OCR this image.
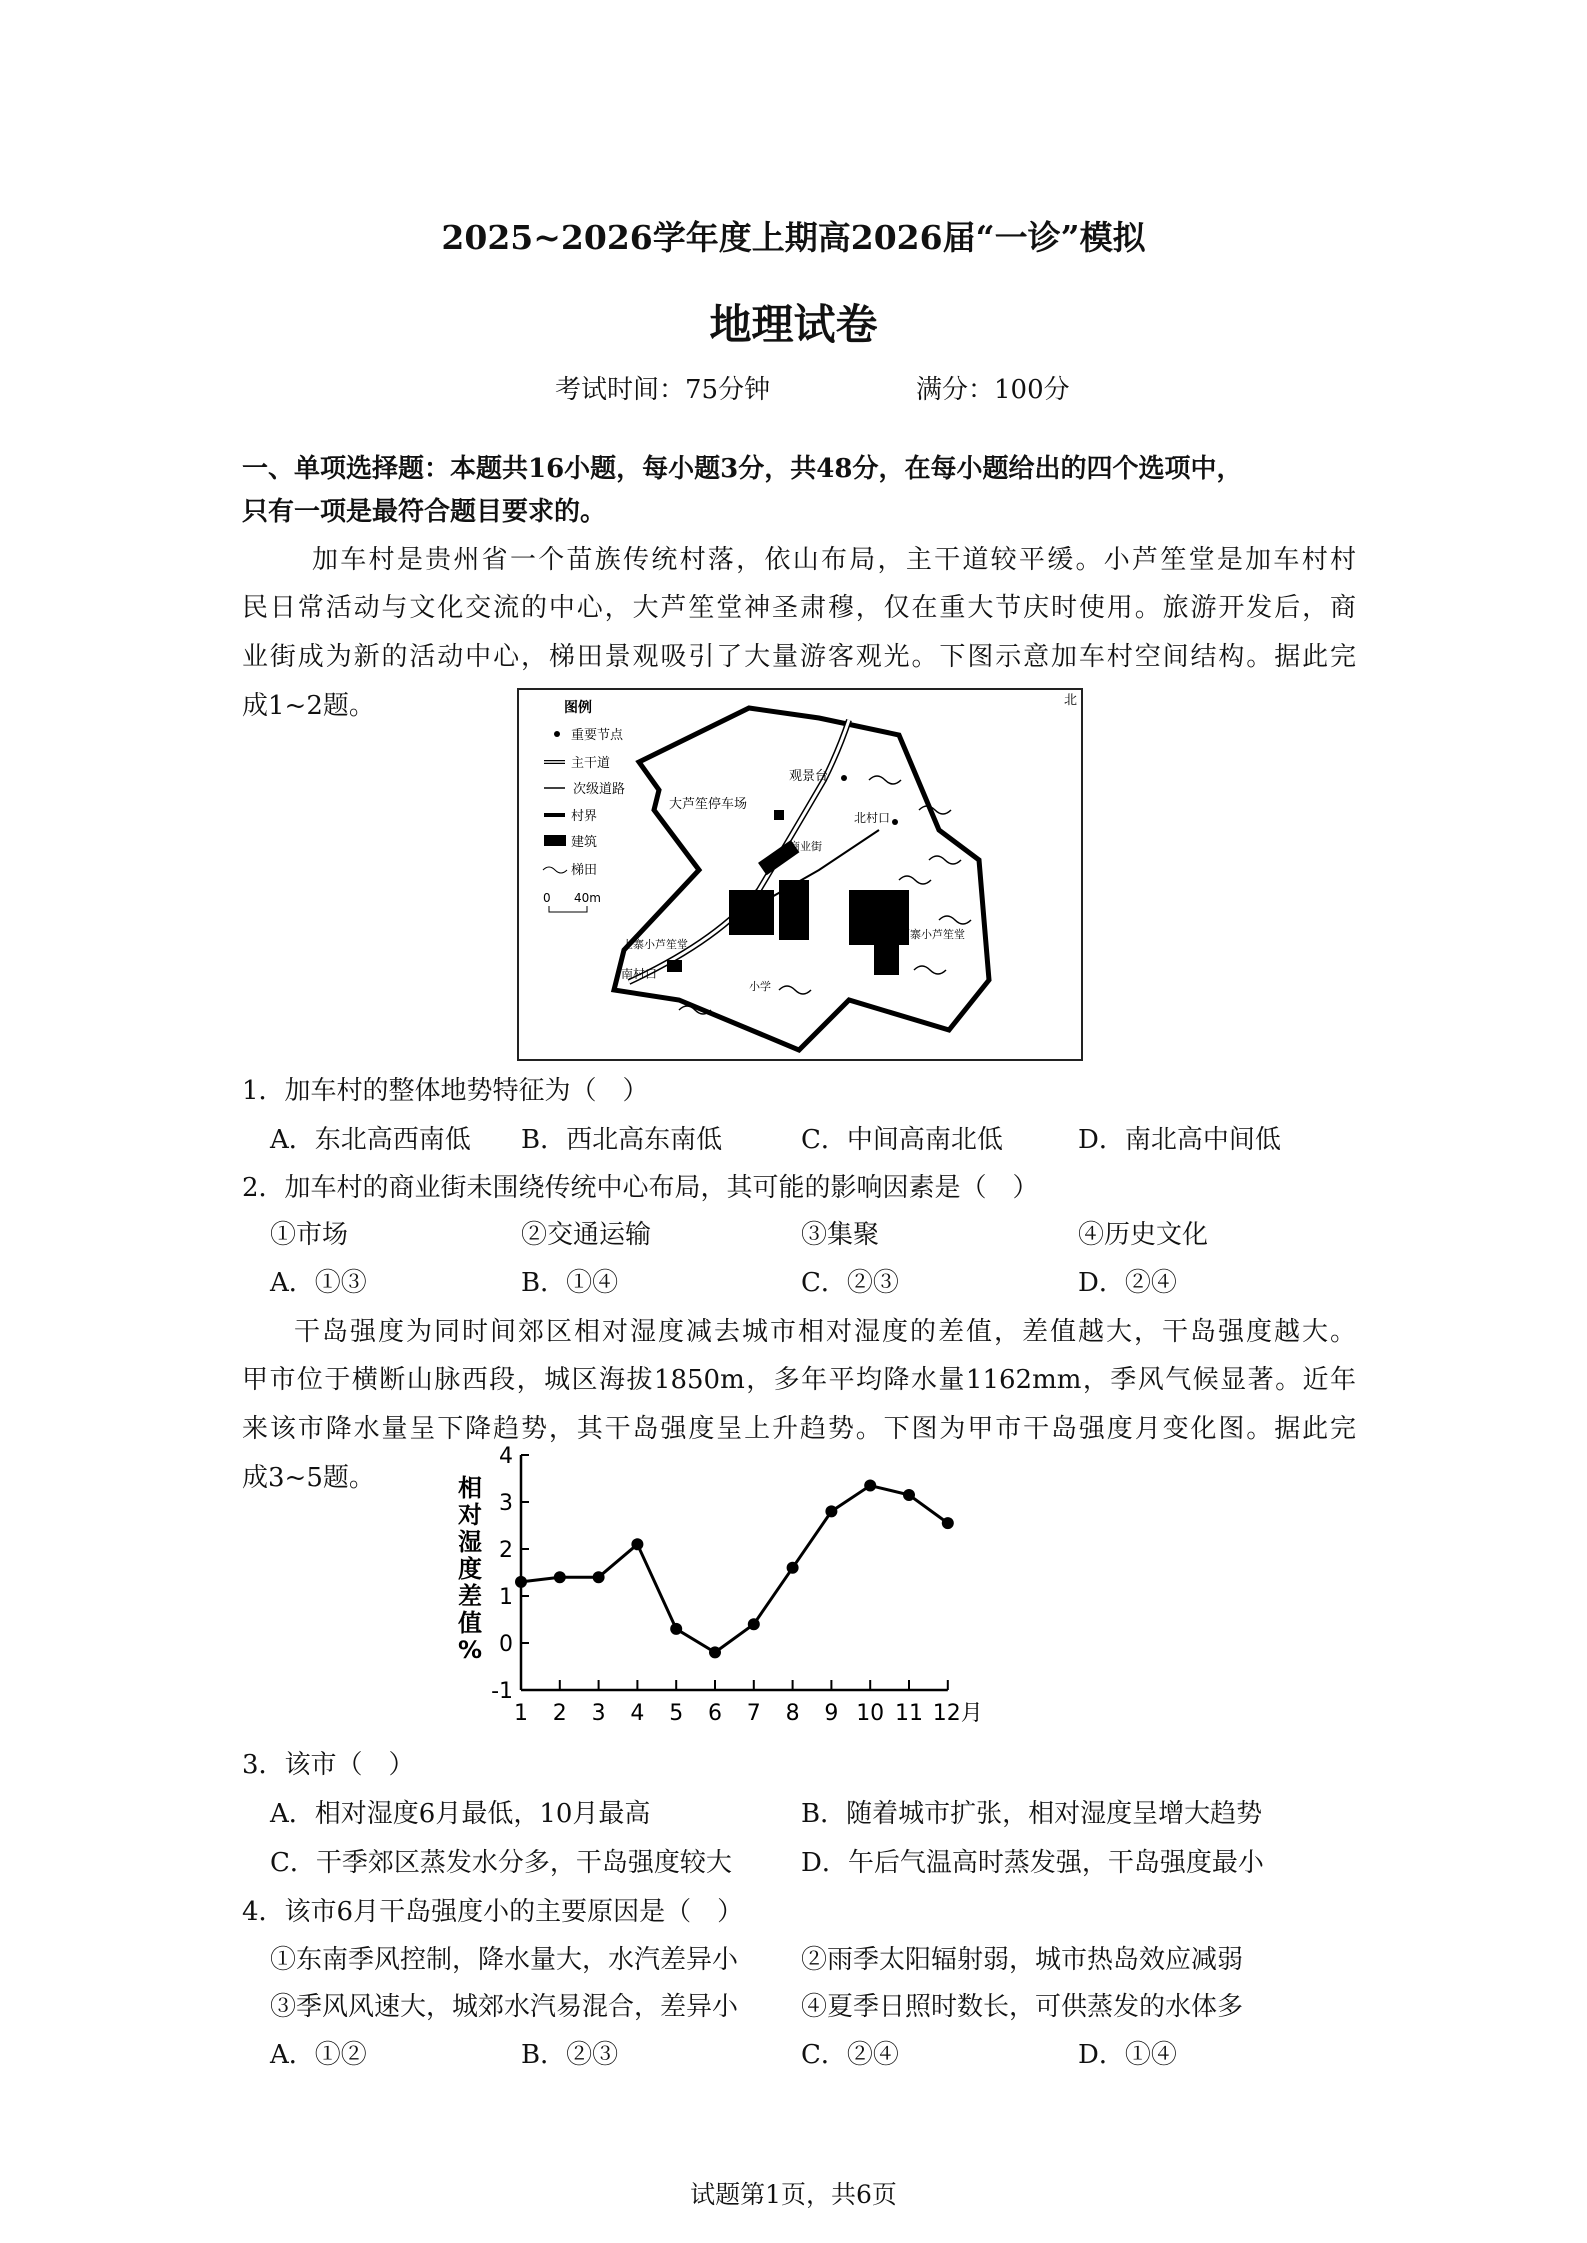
2025~2026学年度上期高2026届“一诊”模拟
地理试卷
考试时间：75分钟	满分：100分
一、单项选择题：本题共16小题，每小题3分，共48分，在每小题给出的四个选项中，
只有一项是最符合题目要求的。
加车村是贵州省一个苗族传统村落，依山布局，主干道较平缓。小芦笙堂是加车村村
民日常活动与文化交流的中心，大芦笙堂神圣肃穆，仅在重大节庆时使用。旅游开发后，商
业街成为新的活动中心，梯田景观吸引了大量游客观光。下图示意加车村空间结构。据此完
成1~2题。	图例
重要节点
主干道
次级道路
村界
建筑
梯田
0 40m
北
观景台
北村口
大芦笙停车场
商业街
上寨小芦笙堂
下寨小芦笙堂
南村口
小学
1．加车村的整体地势特征为（　）
A．东北高西南低 B．西北高东南低	C．中间高南北低	D．南北高中间低
2．加车村的商业街未围绕传统中心布局，其可能的影响因素是（　）
①市场	②交通运输	③集聚	④历史文化
A．①③	B．①④	C．②③	D．②④
干岛强度为同时间郊区相对湿度减去城市相对湿度的差值，差值越大，干岛强度越大。
甲市位于横断山脉西段，城区海拔1850m，多年平均降水量1162mm，季风气候显著。近年
来该市降水量呈下降趋势，其干岛强度呈上升趋势。下图为甲市干岛强度月变化图。据此完
成3~5题。
-1
0
1
2
3
4
1 2 3 4 5 6 7 8 9 10 11 12月
相
对
湿
度
差
值
%
3．该市（　）
A．相对湿度6月最低，10月最高	B．随着城市扩张，相对湿度呈增大趋势
C．干季郊区蒸发水分多，干岛强度较大	D．午后气温高时蒸发强，干岛强度最小
4．该市6月干岛强度小的主要原因是（　）
①东南季风控制，降水量大，水汽差异小 ②雨季太阳辐射弱，城市热岛效应减弱
③季风风速大，城郊水汽易混合，差异小 ④夏季日照时数长，可供蒸发的水体多
A．①②	B．②③	C．②④	D．①④
试题第1页，共6页
